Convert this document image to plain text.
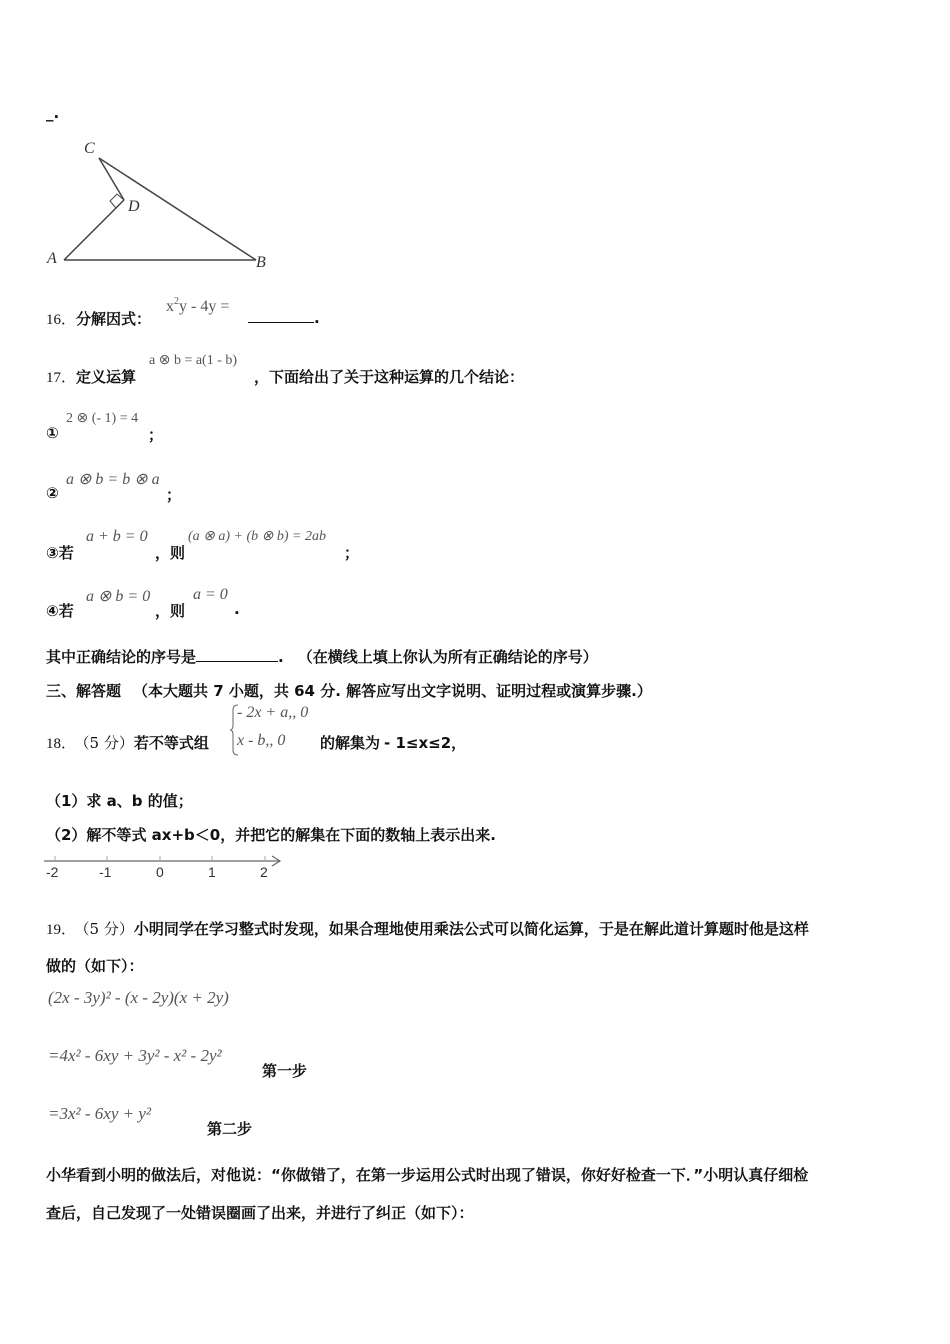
_.
C
D
A	B
16．分解因式：
$x^2y - 4y$ =
.
17．定义运算
a ⊗ b = a(1 - b)
，下面给出了关于这种运算的几个结论：
①
2 ⊗ (- 1) = 4
；
②
a ⊗ b = b ⊗ a
；
③若
a + b = 0
，则
(a ⊗ a) + (b ⊗ b) = 2ab
；
④若
a ⊗ b = 0
，则
a = 0
.
其中正确结论的序号是	. （在横线上填上你认为所有正确结论的序号）
三、解答题 （本大题共 7 小题，共 64 分. 解答应写出文字说明、证明过程或演算步骤.）
18． （5 分）若不等式组
- 2x + a,, 0
x - b,, 0 的解集为 - 1≤x≤2，
（1）求 a、b 的值；
（2）解不等式 ax+b＜0，并把它的解集在下面的数轴上表示出来.
-2	-1	0	1	2
19． （5 分）小明同学在学习整式时发现，如果合理地使用乘法公式可以简化运算，于是在解此道计算题时他是这样
做的（如下）：
(2x - 3y)² - (x - 2y)(x + 2y)
=4x² - 6xy + 3y² - x² - 2y²
第一步
=3x² - 6xy + y²
第二步
小华看到小明的做法后，对他说：“你做错了，在第一步运用公式时出现了错误，你好好检查一下．”小明认真仔细检
查后，自己发现了一处错误圈画了出来，并进行了纠正（如下）：
